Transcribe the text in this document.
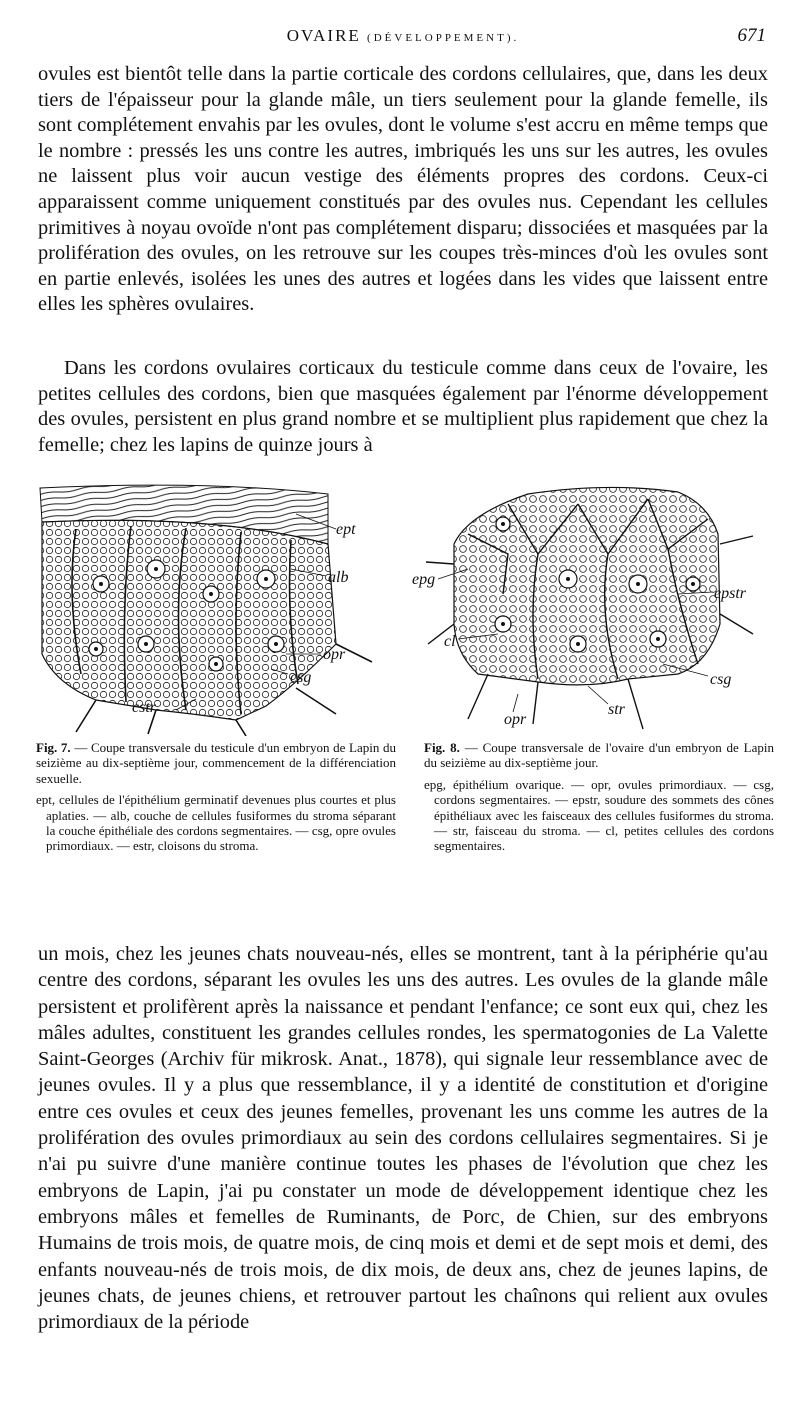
OVAIRE (DÉVELOPPEMENT).	671

ovules est bientôt telle dans la partie corticale des cordons cellulaires, que, dans les deux tiers de l'épaisseur pour la glande mâle, un tiers seulement pour la glande femelle, ils sont complétement envahis par les ovules, dont le volume s'est accru en même temps que le nombre : pressés les uns contre les autres, imbriqués les uns sur les autres, les ovules ne laissent plus voir aucun vestige des éléments propres des cordons. Ceux-ci apparaissent comme uniquement constitués par des ovules nus. Cependant les cellules primitives à noyau ovoïde n'ont pas complétement disparu; dissociées et masquées par la prolifération des ovules, on les retrouve sur les coupes très-minces d'où les ovules sont en partie enlevés, isolées les unes des autres et logées dans les vides que laissent entre elles les sphères ovulaires.

Dans les cordons ovulaires corticaux du testicule comme dans ceux de l'ovaire, les petites cellules des cordons, bien que masquées également par l'énorme développement des ovules, persistent en plus grand nombre et se multiplient plus rapidement que chez la femelle; chez les lapins de quinze jours à

ept
alb
opr
csg
cstr
epg
epstr
cl
csg
opr
str

Fig. 7. — Coupe transversale du testicule d'un embryon de Lapin du seizième au dix-septième jour, commencement de la différenciation sexuelle.

ept, cellules de l'épithélium germinatif devenues plus courtes et plus aplaties. — alb, couche de cellules fusiformes du stroma séparant la couche épithéliale des cordons segmentaires. — csg, opre ovules primordiaux. — estr, cloisons du stroma.

Fig. 8. — Coupe transversale de l'ovaire d'un embryon de Lapin du seizième au dix-septième jour.

epg, épithélium ovarique. — opr, ovules primordiaux. — csg, cordons segmentaires. — epstr, soudure des sommets des cônes épithéliaux avec les faisceaux des cellules fusiformes du stroma. — str, faisceau du stroma. — cl, petites cellules des cordons segmentaires.

un mois, chez les jeunes chats nouveau-nés, elles se montrent, tant à la périphérie qu'au centre des cordons, séparant les ovules les uns des autres. Les ovules de la glande mâle persistent et prolifèrent après la naissance et pendant l'enfance; ce sont eux qui, chez les mâles adultes, constituent les grandes cellules rondes, les spermatogonies de La Valette Saint-Georges (Archiv für mikrosk. Anat., 1878), qui signale leur ressemblance avec de jeunes ovules. Il y a plus que ressemblance, il y a identité de constitution et d'origine entre ces ovules et ceux des jeunes femelles, provenant les uns comme les autres de la prolifération des ovules primordiaux au sein des cordons cellulaires segmentaires. Si je n'ai pu suivre d'une manière continue toutes les phases de l'évolution que chez les embryons de Lapin, j'ai pu constater un mode de développement identique chez les embryons mâles et femelles de Ruminants, de Porc, de Chien, sur des embryons Humains de trois mois, de quatre mois, de cinq mois et demi et de sept mois et demi, des enfants nouveau-nés de trois mois, de dix mois, de deux ans, chez de jeunes lapins, de jeunes chats, de jeunes chiens, et retrouver partout les chaînons qui relient aux ovules primordiaux de la période
